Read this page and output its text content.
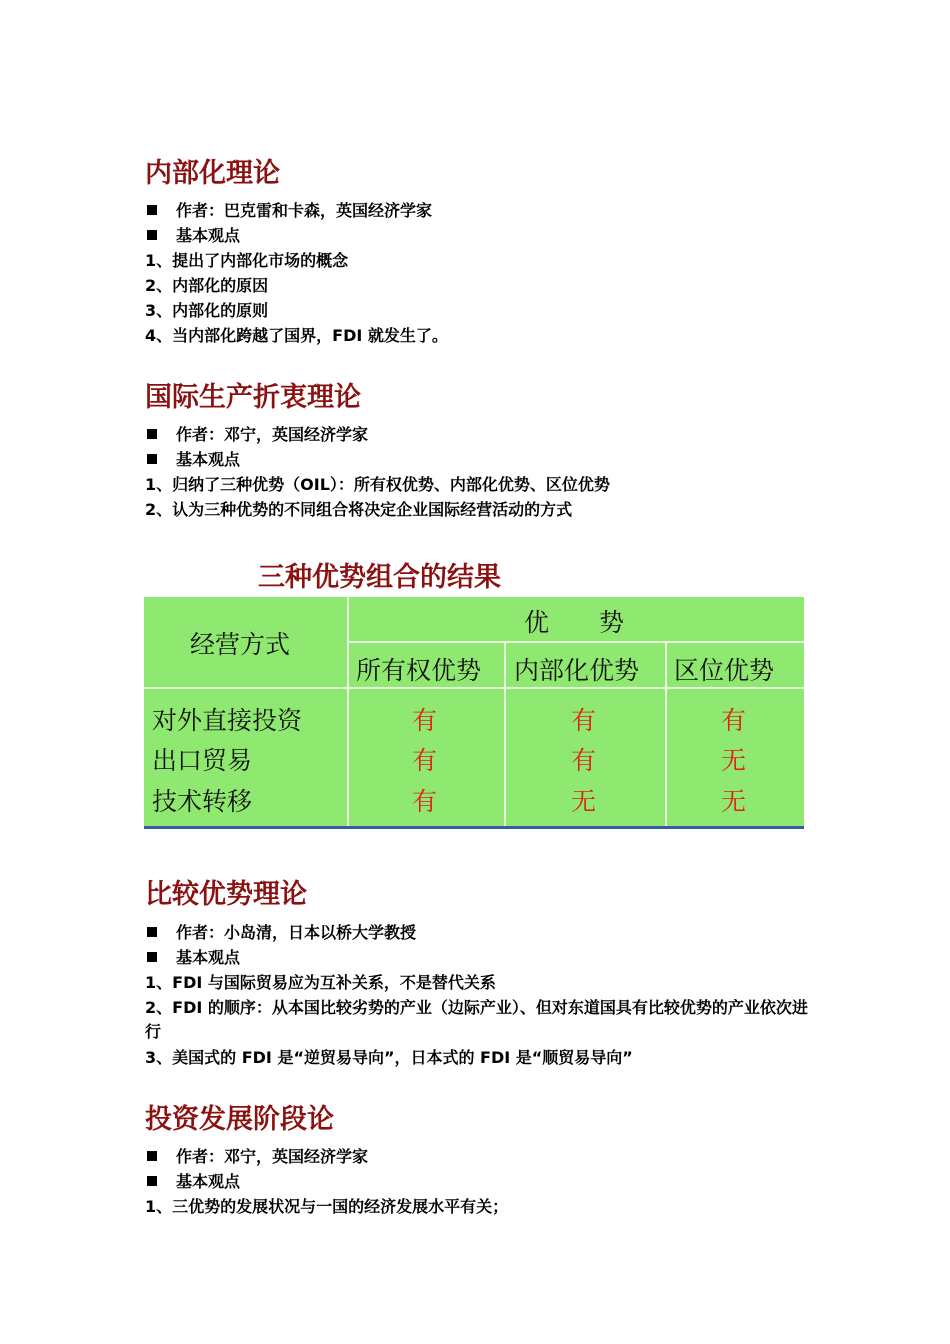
内部化理论

作者：巴克雷和卡森，英国经济学家

基本观点

1、提出了内部化市场的概念

2、内部化的原因

3、内部化的原则

4、当内部化跨越了国界，FDI 就发生了。

国际生产折衷理论

作者：邓宁，英国经济学家

基本观点

1、归纳了三种优势（OIL）：所有权优势、内部化优势、区位优势

2、认为三种优势的不同组合将决定企业国际经营活动的方式

三种优势组合的结果
经营方式
优　　势
所有权优势 内部化优势 区位优势
对外直接投资	有	有	有
出口贸易	有	有	无
技术转移	有	无	无
比较优势理论

作者：小岛清，日本以桥大学教授

基本观点

1、FDI 与国际贸易应为互补关系，不是替代关系

2、FDI 的顺序：从本国比较劣势的产业（边际产业）、但对东道国具有比较优势的产业依次进行

3、美国式的 FDI 是“逆贸易导向”，日本式的 FDI 是“顺贸易导向”

投资发展阶段论

作者：邓宁，英国经济学家

基本观点

1、三优势的发展状况与一国的经济发展水平有关；
